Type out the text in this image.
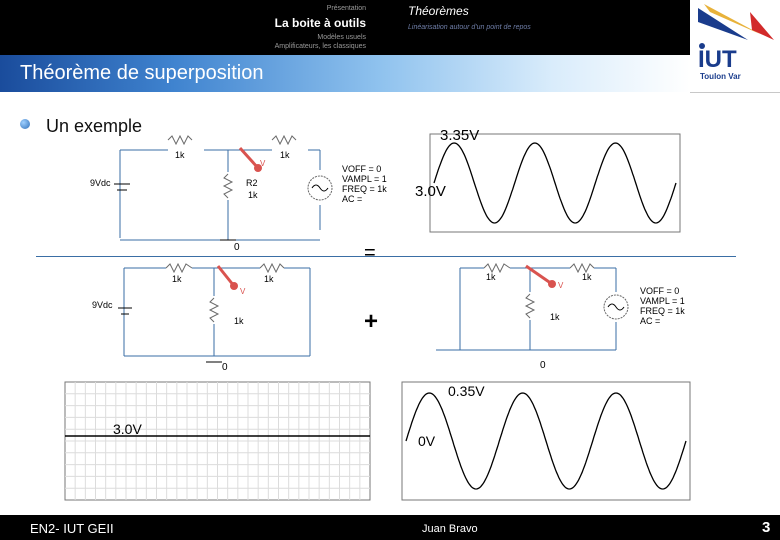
Présentation
La boite à outils
Modèles usuels
Amplificateurs, les classiques
Théorèmes
Linéarisation autour d'un point de repos
IUT
Toulon Var
Théorème de superposition
Un exemple
1k	1k
R2
1k
9Vdc
0
V
VOFF = 0
VAMPL = 1
FREQ = 1k
AC =
3.35V
3.0V
=
1k	1k
1k
9Vdc
0
V
+
1k	1k
1k
0
V
VOFF = 0
VAMPL = 1
FREQ = 1k
AC =
3.0V
0.35V
0V
EN2- IUT GEII	Juan Bravo	3
